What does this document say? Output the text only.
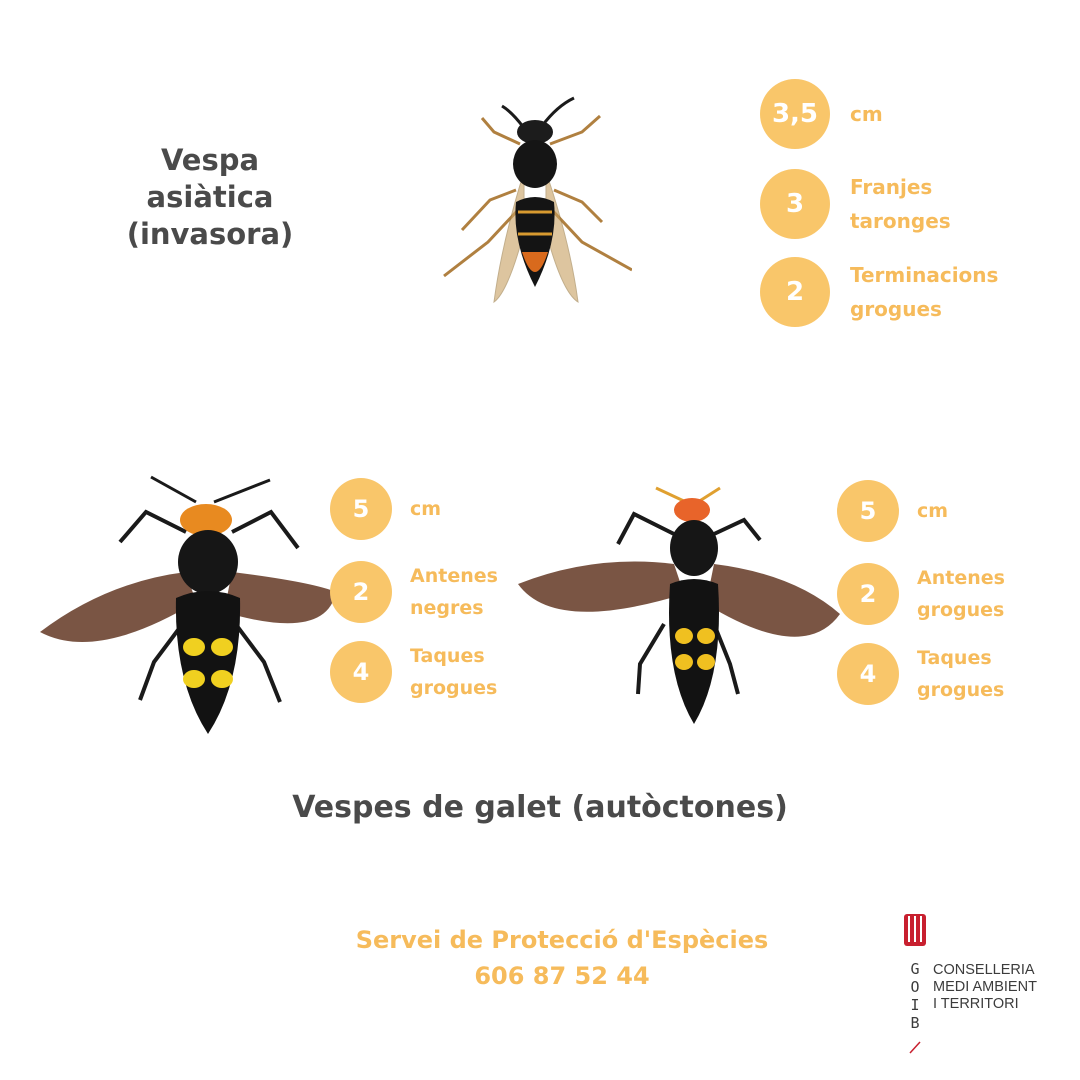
Vespa
asiàtica
(invasora)
3,5	cm
3
Franjes
taronges
2
Terminacions
grogues
5	cm
2
Antenes
negres
4
Taques
grogues
5	cm
2
Antenes
grogues
4
Taques
grogues
Vespes de galet (autòctones)
Servei de Protecció d'Espècies
606 87 52 44	G
O
I
B
CONSELLERIA
MEDI AMBIENT
I TERRITORI
